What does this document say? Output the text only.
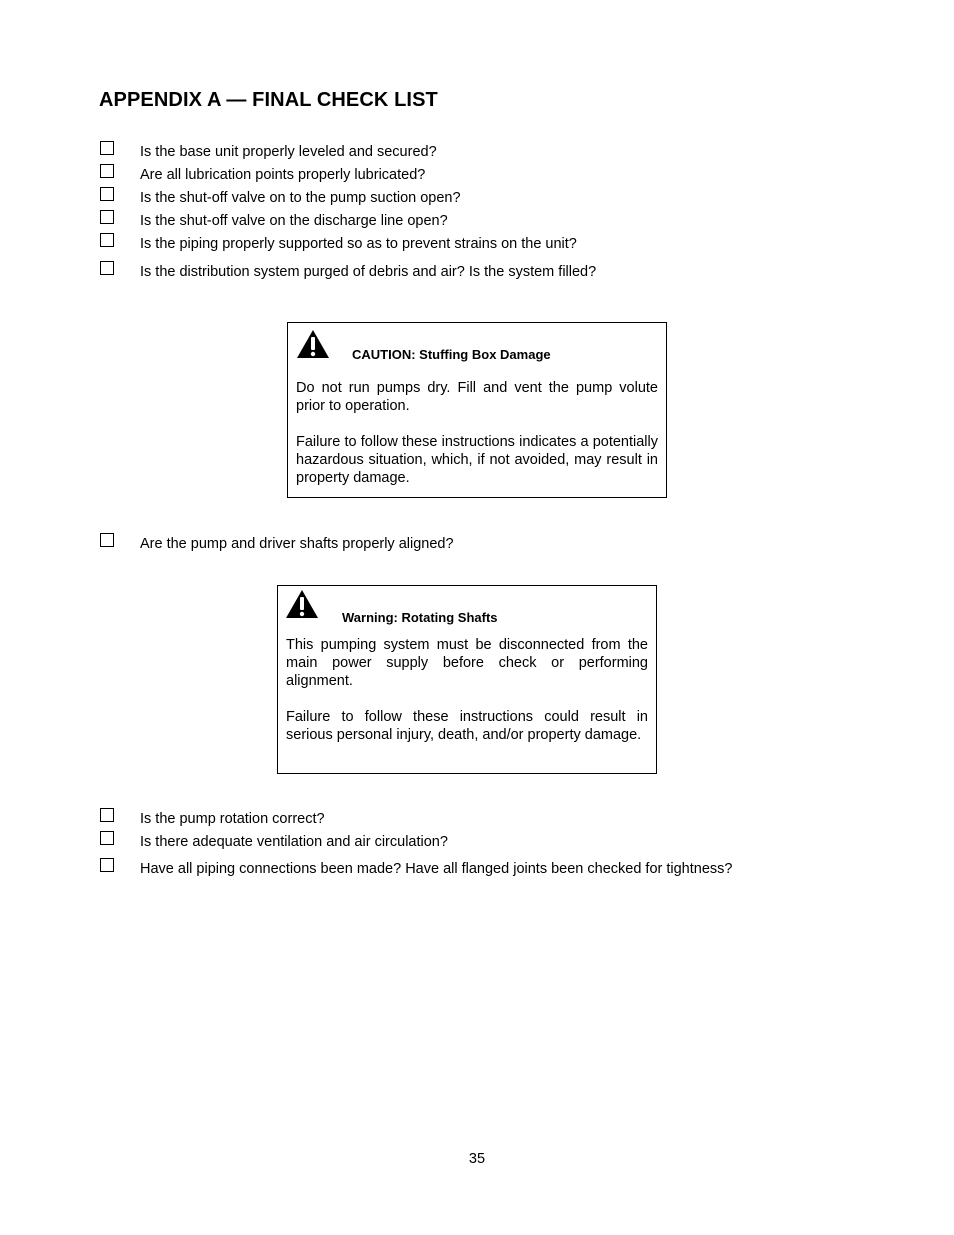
APPENDIX A — FINAL CHECK LIST
Is the base unit properly leveled and secured?
Are all lubrication points properly lubricated?
Is the shut-off valve on to the pump suction open?
Is the shut-off valve on the discharge line open?
Is the piping properly supported so as to prevent strains on the unit?
Is the distribution system purged of debris and air? Is the system filled?
CAUTION: Stuffing Box Damage

Do not run pumps dry. Fill and vent the pump volute prior to operation.

Failure to follow these instructions indicates a potentially hazardous situation, which, if not avoided, may result in property damage.

Are the pump and driver shafts properly aligned?
Warning: Rotating Shafts

This pumping system must be disconnected from the main power supply before check or performing alignment.

Failure to follow these instructions could result in serious personal injury, death, and/or property damage.

Is the pump rotation correct?
Is there adequate ventilation and air circulation?
Have all piping connections been made? Have all flanged joints been checked for tightness?
35
